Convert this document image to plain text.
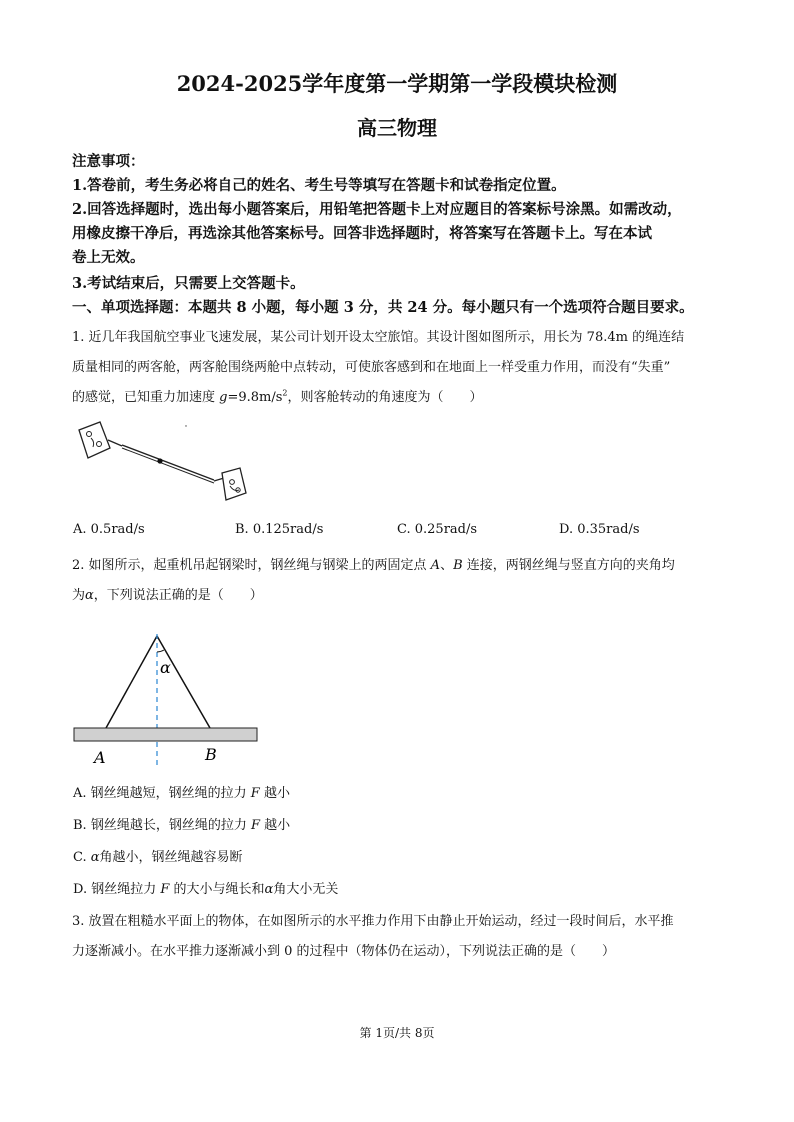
2024-2025学年度第一学期第一学段模块检测
高三物理
注意事项：
1.答卷前，考生务必将自己的姓名、考生号等填写在答题卡和试卷指定位置。
2.回答选择题时，选出每小题答案后，用铅笔把答题卡上对应题目的答案标号涂黑。如需改动，
用橡皮擦干净后，再选涂其他答案标号。回答非选择题时，将答案写在答题卡上。写在本试
卷上无效。
3.考试结束后，只需要上交答题卡。
一、单项选择题：本题共 8 小题，每小题 3 分，共 24 分。每小题只有一个选项符合题目要求。
1. 近几年我国航空事业飞速发展，某公司计划开设太空旅馆。其设计图如图所示，用长为 78.4m 的绳连结
质量相同的两客舱，两客舱围绕两舱中点转动，可使旅客感到和在地面上一样受重力作用，而没有“失重”
的感觉，已知重力加速度 $g=9.8m/s^2$，则客舱转动的角速度为（　　）
A. 0.5rad/s	B. 0.125rad/s	C. 0.25rad/s	D. 0.35rad/s
2. 如图所示，起重机吊起钢梁时，钢丝绳与钢梁上的两固定点 A、B 连接，两钢丝绳与竖直方向的夹角均
为α，下列说法正确的是（　　）
α
A	B
A. 钢丝绳越短，钢丝绳的拉力 F 越小
B. 钢丝绳越长，钢丝绳的拉力 F 越小
C. α角越小，钢丝绳越容易断
D. 钢丝绳拉力 F 的大小与绳长和α角大小无关
3. 放置在粗糙水平面上的物体，在如图所示的水平推力作用下由静止开始运动，经过一段时间后，水平推
力逐渐减小。在水平推力逐渐减小到 0 的过程中（物体仍在运动），下列说法正确的是（　　）
第 1页/共 8页
